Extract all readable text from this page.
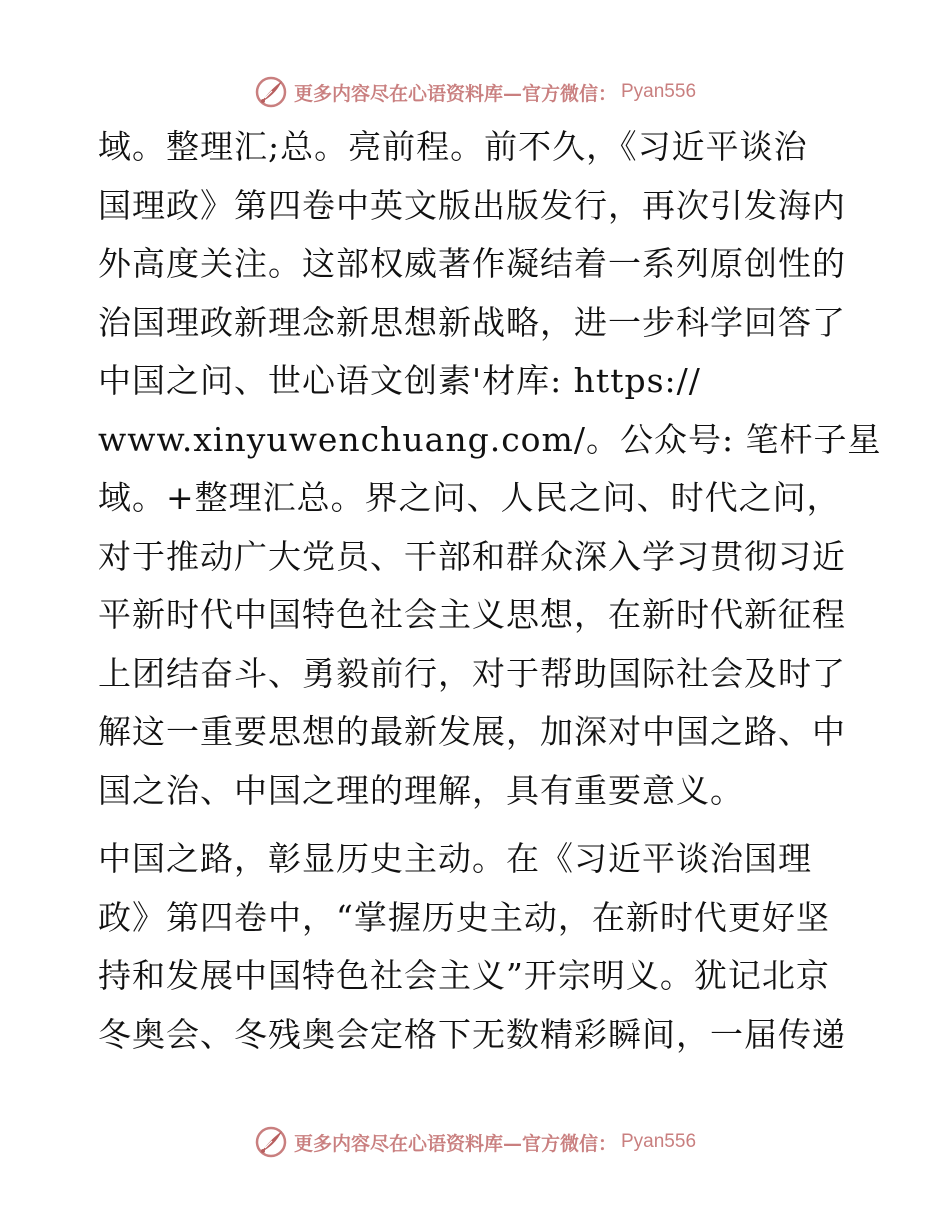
更多内容尽在心语资料库—官方微信： Pyan556
域。整理汇;总。亮前程。前不久，《习近平谈治
国理政》第四卷中英文版出版发行，再次引发海内
外高度关注。这部权威著作凝结着一系列原创性的
治国理政新理念新思想新战略，进一步科学回答了
中国之问、世心语文创素'材库: https://
www.xinyuwenchuang.com/。公众号: 笔杆子星
域。+整理汇总。界之问、人民之问、时代之问，
对于推动广大党员、干部和群众深入学习贯彻习近
平新时代中国特色社会主义思想，在新时代新征程
上团结奋斗、勇毅前行，对于帮助国际社会及时了
解这一重要思想的最新发展，加深对中国之路、中
国之治、中国之理的理解，具有重要意义。
中国之路，彰显历史主动。在《习近平谈治国理
政》第四卷中，“掌握历史主动，在新时代更好坚
持和发展中国特色社会主义”开宗明义。犹记北京
冬奥会、冬残奥会定格下无数精彩瞬间，一届传递
更多内容尽在心语资料库—官方微信： Pyan556
